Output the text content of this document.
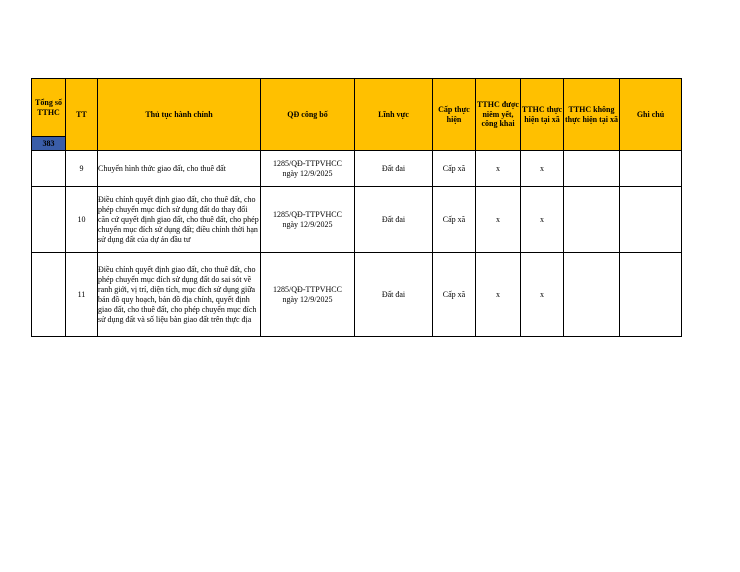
Tổng số TTHC	TT	Thủ tục hành chính	QĐ công bố	Lĩnh vực	Cấp thực hiện	TTHC được niêm yết, công khai	TTHC thực hiện tại xã	TTHC không thực hiện tại xã	Ghi chú
383									
	9	Chuyển hình thức giao đất, cho thuê đất	1285/QĐ-TTPVHCC
ngày 12/9/2025	Đất đai	Cấp xã	x	x		
	10	Điều chỉnh quyết định giao đất, cho thuê đất, cho phép chuyển mục đích sử dụng đất do thay đổi căn cứ quyết định giao đất, cho thuê đất, cho phép chuyển mục đích sử dụng đất; điều chỉnh thời hạn sử dụng đất của dự án đầu tư	1285/QĐ-TTPVHCC
ngày 12/9/2025	Đất đai	Cấp xã	x	x		
	11	Điều chỉnh quyết định giao đất, cho thuê đất, cho phép chuyển mục đích sử dụng đất do sai sót về ranh giới, vị trí, diện tích, mục đích sử dụng giữa bản đồ quy hoạch, bản đồ địa chính, quyết định giao đất, cho thuê đất, cho phép chuyển mục đích sử dụng đất và số liệu bàn giao đất trên thực địa	1285/QĐ-TTPVHCC
ngày 12/9/2025	Đất đai	Cấp xã	x	x		
